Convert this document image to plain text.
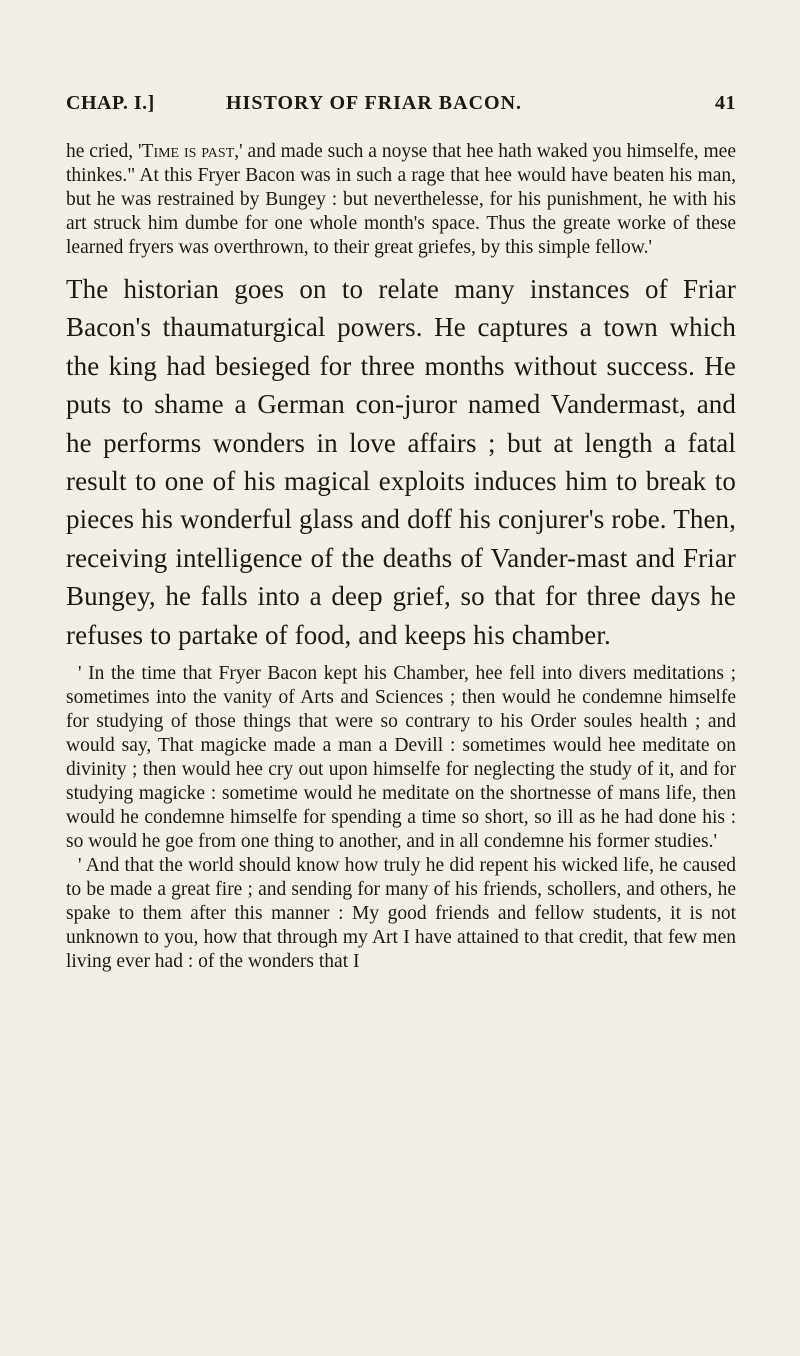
CHAP. I.]	HISTORY OF FRIAR BACON.	41

he cried, 'Time is past,' and made such a noyse that hee hath waked you himselfe, mee thinkes." At this Fryer Bacon was in such a rage that hee would have beaten his man, but he was restrained by Bungey : but neverthelesse, for his punishment, he with his art struck him dumbe for one whole month's space. Thus the greate worke of these learned fryers was overthrown, to their great griefes, by this simple fellow.'

The historian goes on to relate many instances of Friar Bacon's thaumaturgical powers. He captures a town which the king had besieged for three months without success. He puts to shame a German con-juror named Vandermast, and he performs wonders in love affairs ; but at length a fatal result to one of his magical exploits induces him to break to pieces his wonderful glass and doff his conjurer's robe. Then, receiving intelligence of the deaths of Vander-mast and Friar Bungey, he falls into a deep grief, so that for three days he refuses to partake of food, and keeps his chamber.

' In the time that Fryer Bacon kept his Chamber, hee fell into divers meditations ; sometimes into the vanity of Arts and Sciences ; then would he condemne himselfe for studying of those things that were so contrary to his Order soules health ; and would say, That magicke made a man a Devill : sometimes would hee meditate on divinity ; then would hee cry out upon himselfe for neglecting the study of it, and for studying magicke : sometime would he meditate on the shortnesse of mans life, then would he condemne himselfe for spending a time so short, so ill as he had done his : so would he goe from one thing to another, and in all condemne his former studies.'

' And that the world should know how truly he did repent his wicked life, he caused to be made a great fire ; and sending for many of his friends, schollers, and others, he spake to them after this manner : My good friends and fellow students, it is not unknown to you, how that through my Art I have attained to that credit, that few men living ever had : of the wonders that I
